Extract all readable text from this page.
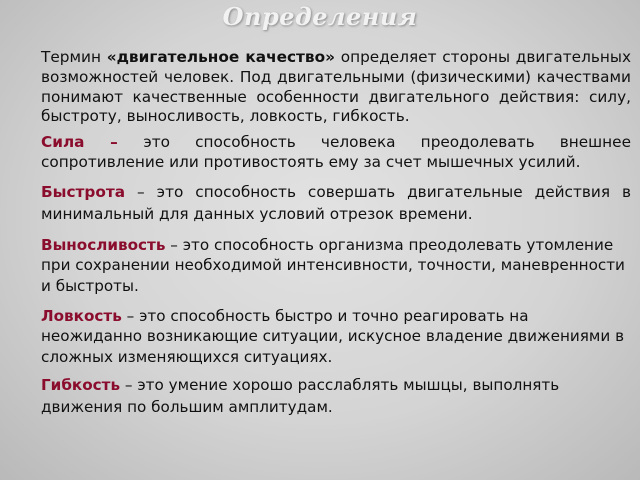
Определения

Термин «двигательное качество» определяет стороны двигательных возможностей человек. Под двигательными (физическими) качествами понимают качественные особенности двигательного действия: силу, быстроту, выносливость, ловкость, гибкость.

Сила – это способность человека преодолевать внешнее сопротивление или противостоять ему за счет мышечных усилий.

Быстрота – это способность совершать двигательные действия в минимальный для данных условий отрезок времени.

Выносливость – это способность организма преодолевать утомление при сохранении необходимой интенсивности, точности, маневренности и быстроты.

Ловкость – это способность быстро и точно реагировать на неожиданно возникающие ситуации, искусное владение движениями в сложных изменяющихся ситуациях.

Гибкость – это умение хорошо расслаблять мышцы, выполнять движения по большим амплитудам.
